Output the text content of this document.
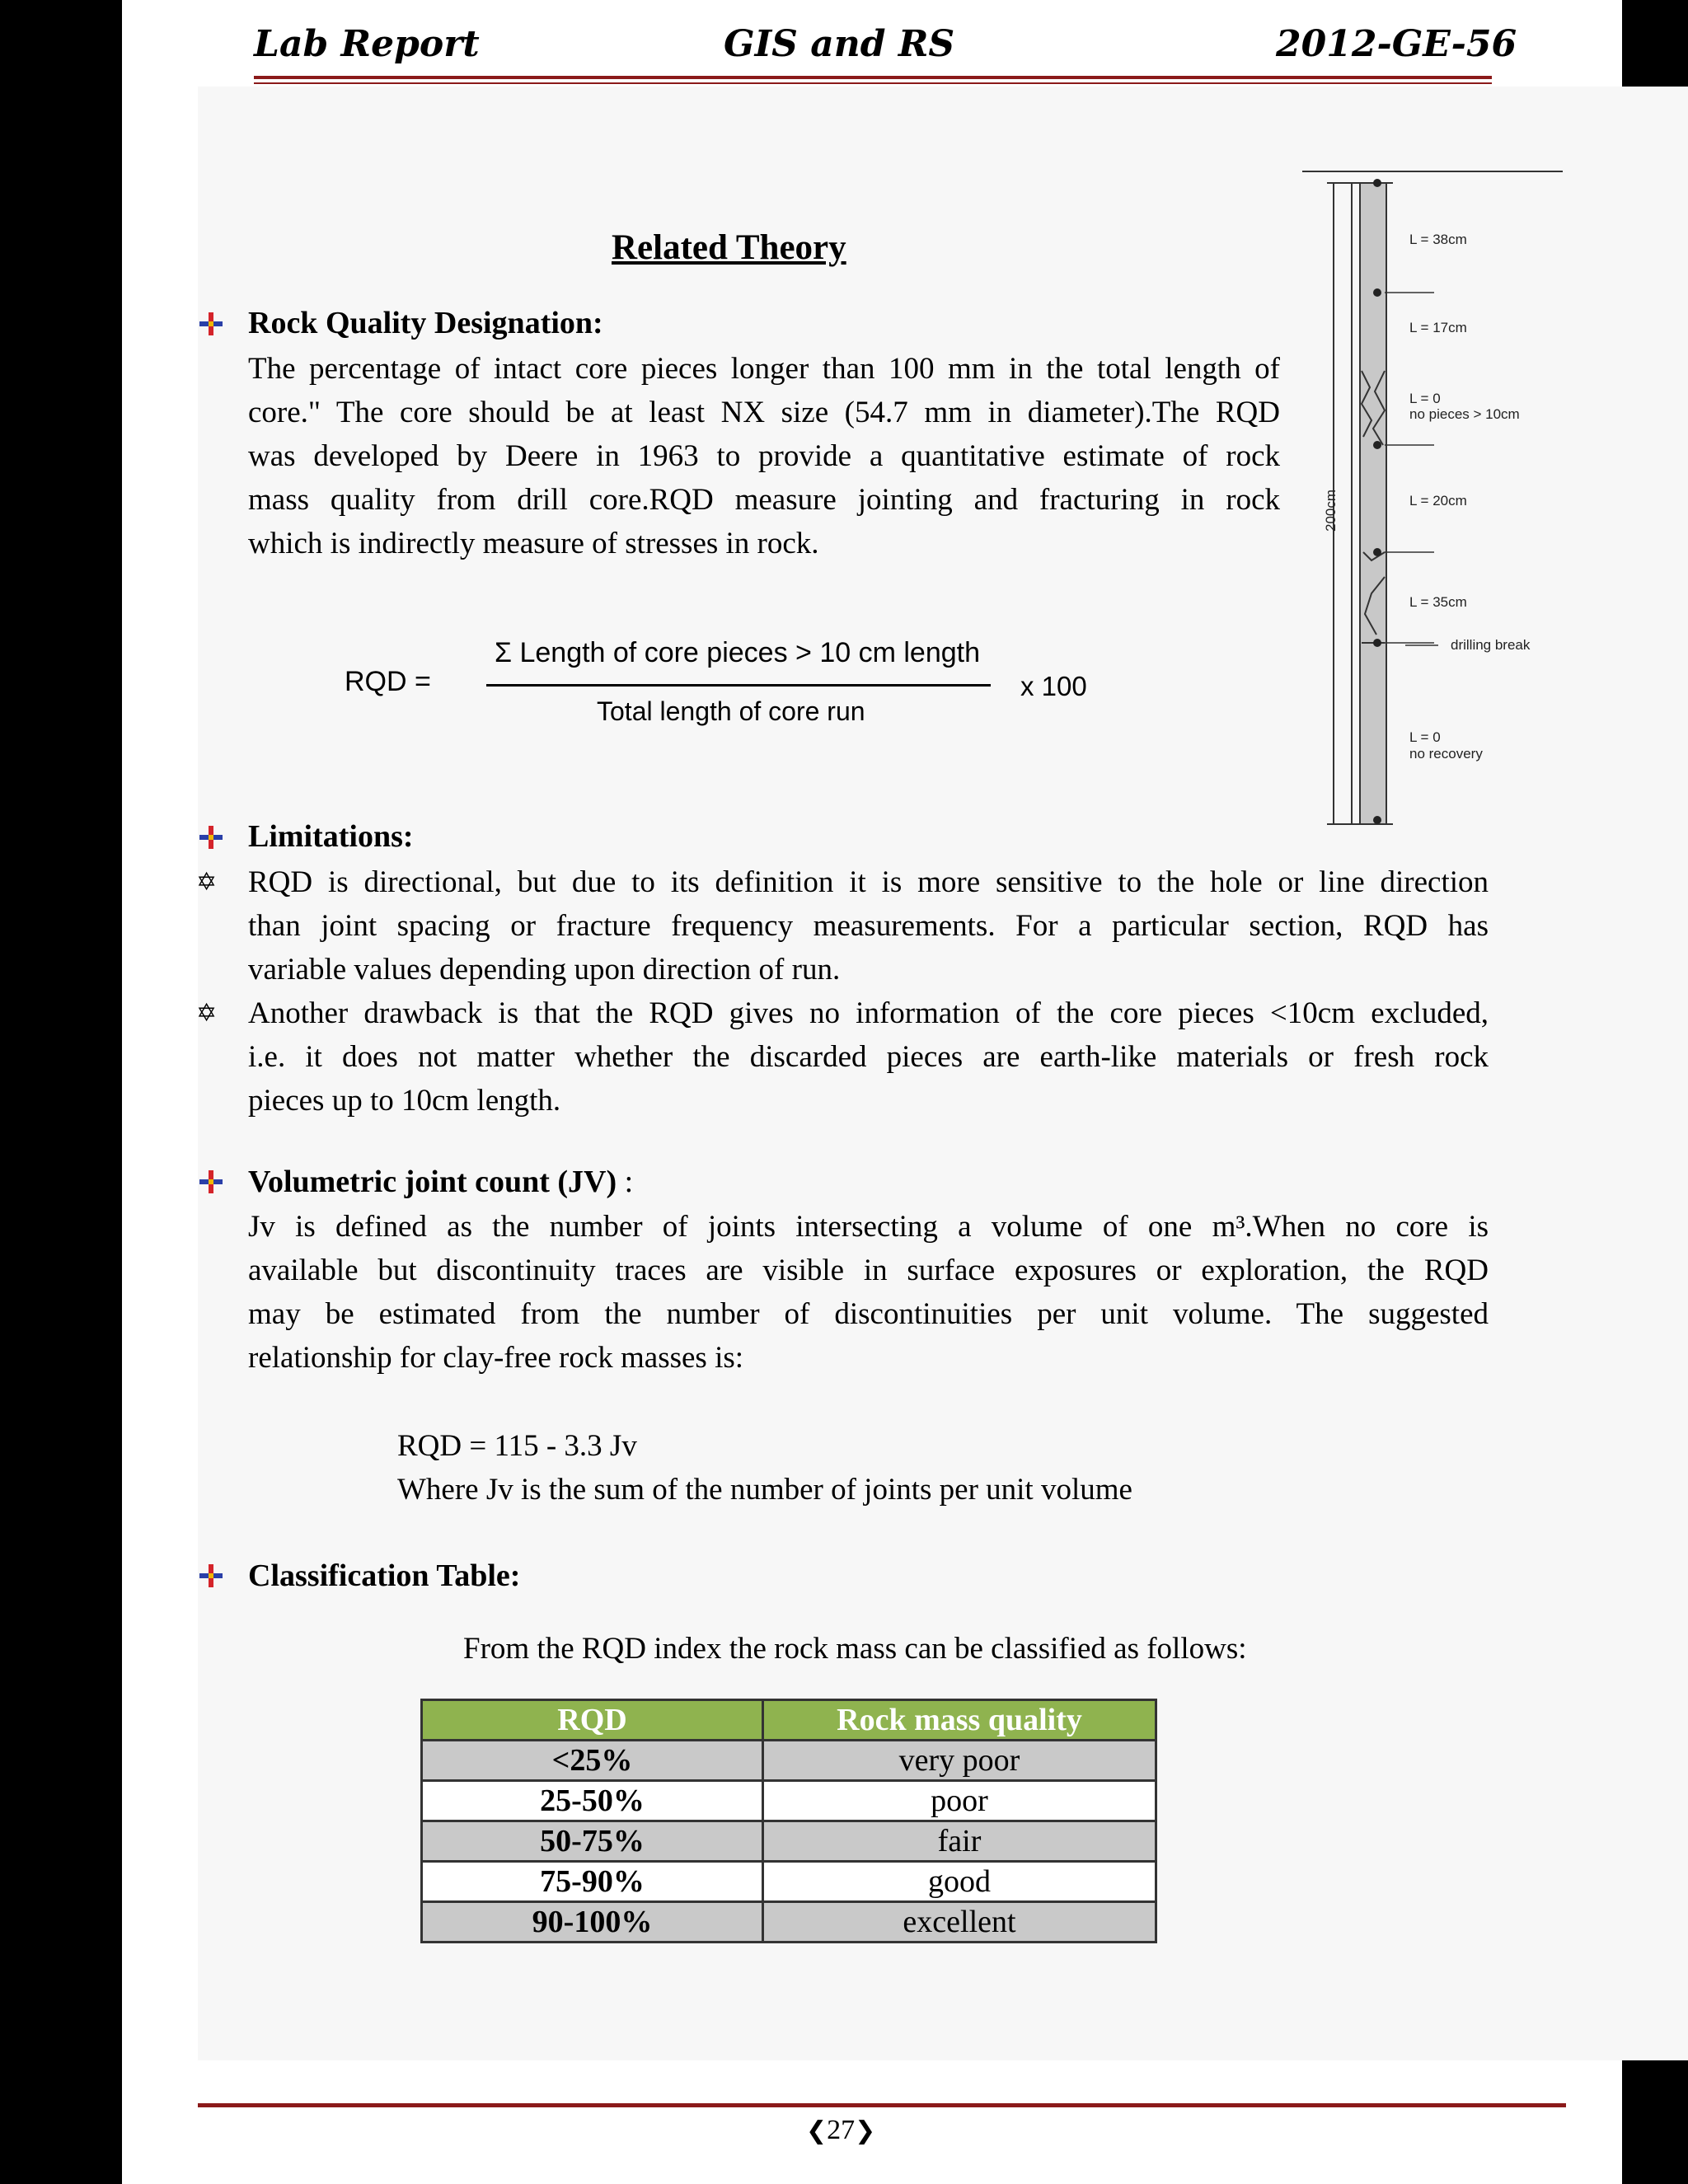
Lab Report	GIS and RS	2012-GE-56
Related Theory
Rock Quality Designation:
The percentage of intact core pieces longer than 100 mm in the total length of
core." The core should be at least NX size (54.7 mm in diameter).The RQD
was developed by Deere in 1963 to provide a quantitative estimate of rock
mass quality from drill core.RQD measure jointing and fracturing in rock
which is indirectly measure of stresses in rock.
RQD =
Σ Length of core pieces > 10 cm length
Total length of core run
x 100
200cm
L = 38cm
L = 17cm
L = 0
no pieces > 10cm
L = 20cm
L = 35cm
drilling break
L = 0
no recovery
Limitations:
✡ RQD is directional, but due to its definition it is more sensitive to the hole or line direction
than joint spacing or fracture frequency measurements. For a particular section, RQD has
variable values depending upon direction of run.
✡ Another drawback is that the RQD gives no information of the core pieces <10cm excluded,
i.e. it does not matter whether the discarded pieces are earth-like materials or fresh rock
pieces up to 10cm length.
Volumetric joint count (JV) :
Jv is defined as the number of joints intersecting a volume of one m³.When no core is
available but discontinuity traces are visible in surface exposures or exploration, the RQD
may be estimated from the number of discontinuities per unit volume. The suggested
relationship for clay-free rock masses is:
RQD = 115 - 3.3 Jv
Where Jv is the sum of the number of joints per unit volume
Classification Table:
From the RQD index the rock mass can be classified as follows:
RQD	Rock mass quality
<25%	very poor
25-50%	poor
50-75%	fair
75-90%	good
90-100%	excellent
❮27❯
